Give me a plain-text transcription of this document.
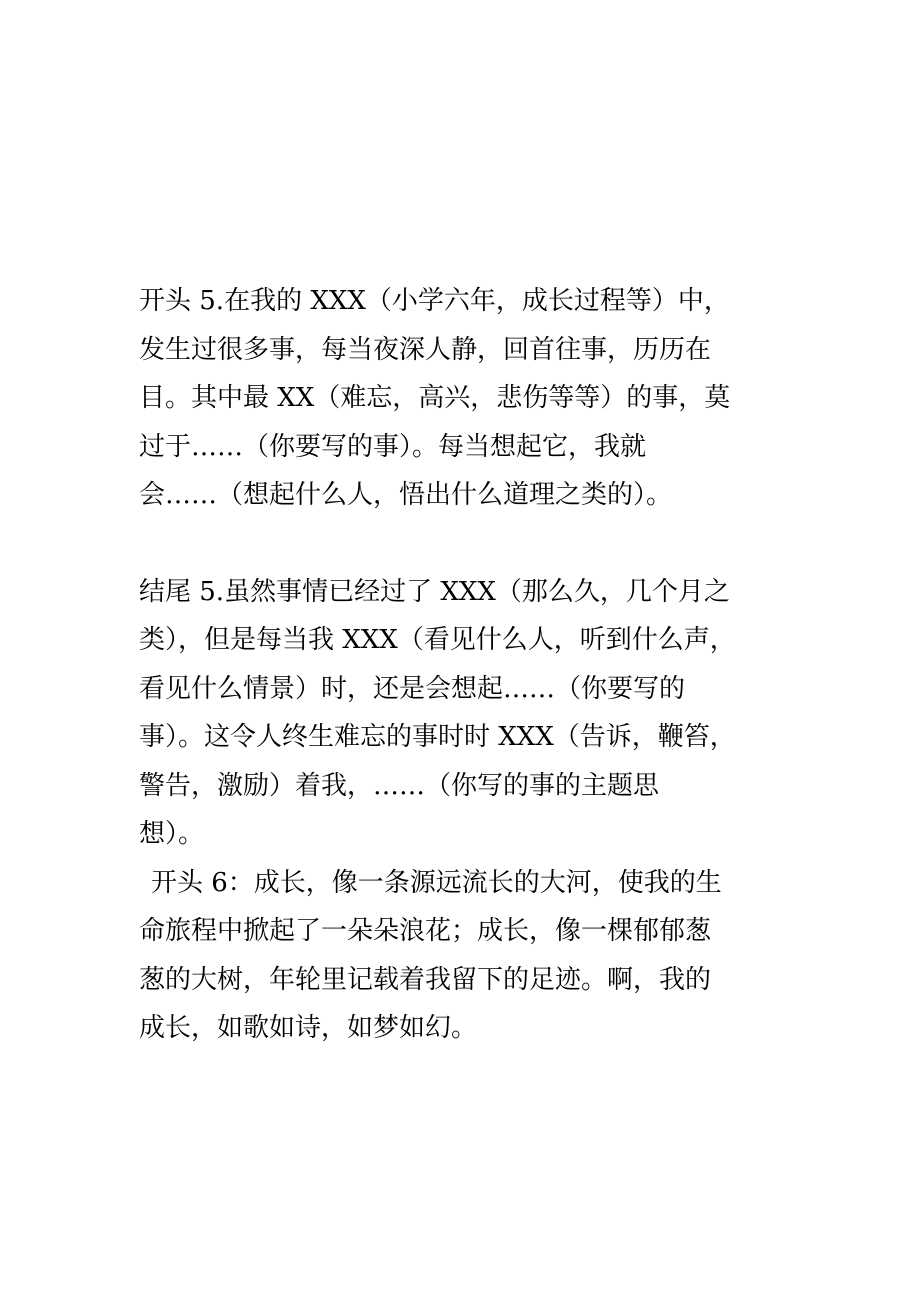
开头 5.在我的 XXX（小学六年，成长过程等）中，
发生过很多事，每当夜深人静，回首往事，历历在
目。其中最 XX（难忘，高兴，悲伤等等）的事，莫
过于……（你要写的事）。每当想起它，我就
会……（想起什么人，悟出什么道理之类的）。
结尾 5.虽然事情已经过了 XXX（那么久，几个月之
类），但是每当我 XXX（看见什么人，听到什么声，
看见什么情景）时，还是会想起……（你要写的
事）。这令人终生难忘的事时时 XXX（告诉，鞭笞，
警告，激励）着我，……（你写的事的主题思
想）。
开头 6：成长，像一条源远流长的大河，使我的生
命旅程中掀起了一朵朵浪花；成长，像一棵郁郁葱
葱的大树，年轮里记载着我留下的足迹。啊，我的
成长，如歌如诗，如梦如幻。
